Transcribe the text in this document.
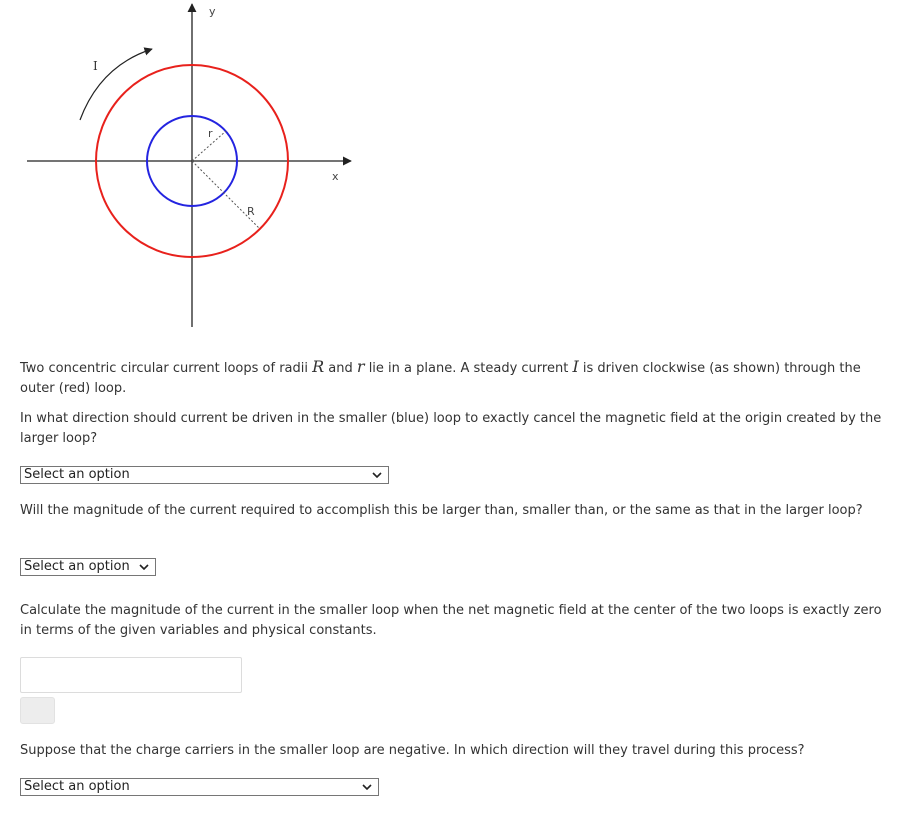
y
x
r
R
I

Two concentric circular current loops of radii R and r lie in a plane. A steady current I is driven clockwise (as shown) through the outer (red) loop.

In what direction should current be driven in the smaller (blue) loop to exactly cancel the magnetic field at the origin created by the larger loop?

Select an option

Will the magnitude of the current required to accomplish this be larger than, smaller than, or the same as that in the larger loop?

Select an option

Calculate the magnitude of the current in the smaller loop when the net magnetic field at the center of the two loops is exactly zero in terms of the given variables and physical constants.

Suppose that the charge carriers in the smaller loop are negative. In which direction will they travel during this process?

Select an option
